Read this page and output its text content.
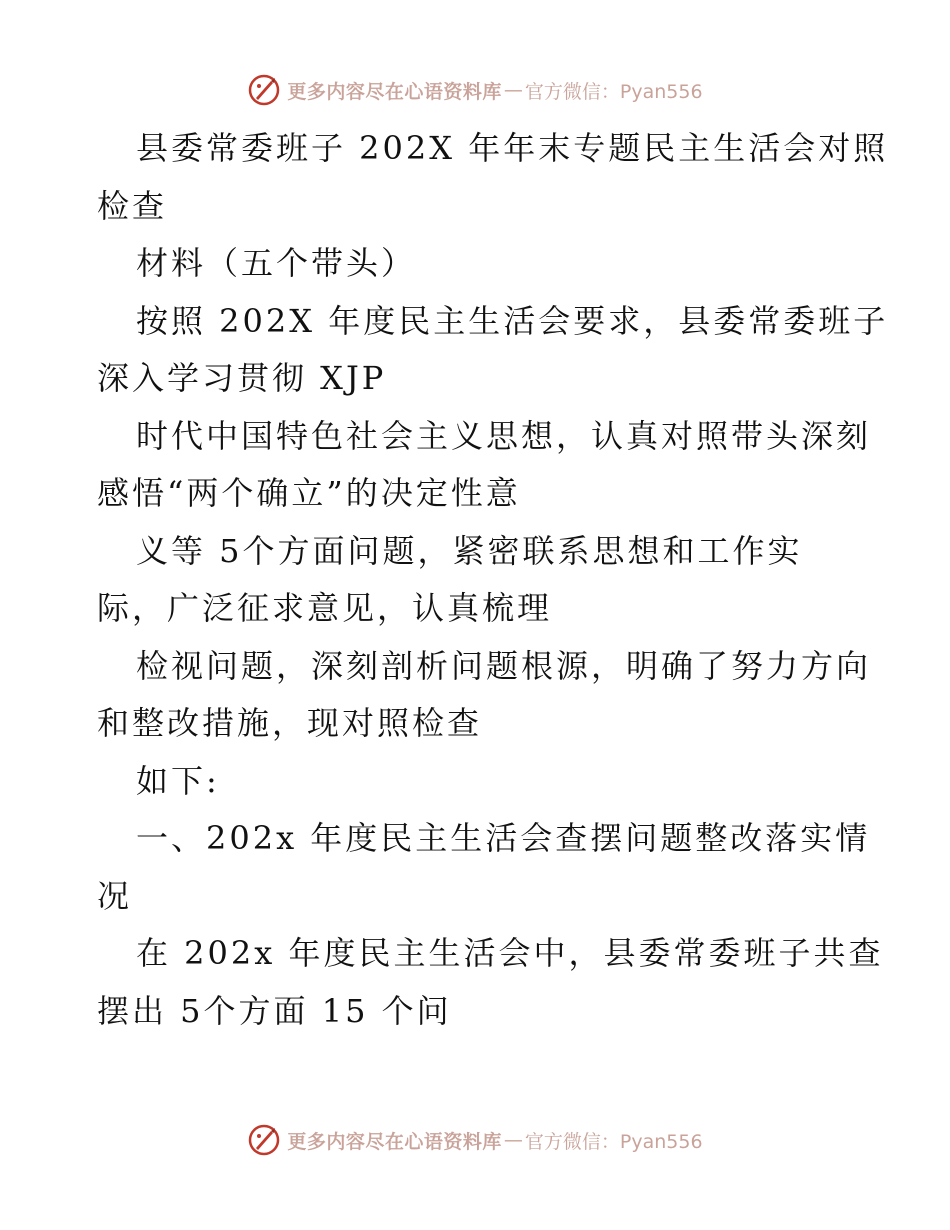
更多内容尽在心语资料库 — 官方微信：Pyan556
县委常委班子 202X 年年末专题民主生活会对照
检查
材料（五个带头）
按照 202X 年度民主生活会要求，县委常委班子
深入学习贯彻 XJP
时代中国特色社会主义思想，认真对照带头深刻
感悟“两个确立”的决定性意
义等 5个方面问题，紧密联系思想和工作实
际，广泛征求意见，认真梳理
检视问题，深刻剖析问题根源，明确了努力方向
和整改措施，现对照检查
如下:
一、202x 年度民主生活会查摆问题整改落实情
况
在 202x 年度民主生活会中，县委常委班子共查
摆出 5个方面 15 个问
更多内容尽在心语资料库 — 官方微信：Pyan556
